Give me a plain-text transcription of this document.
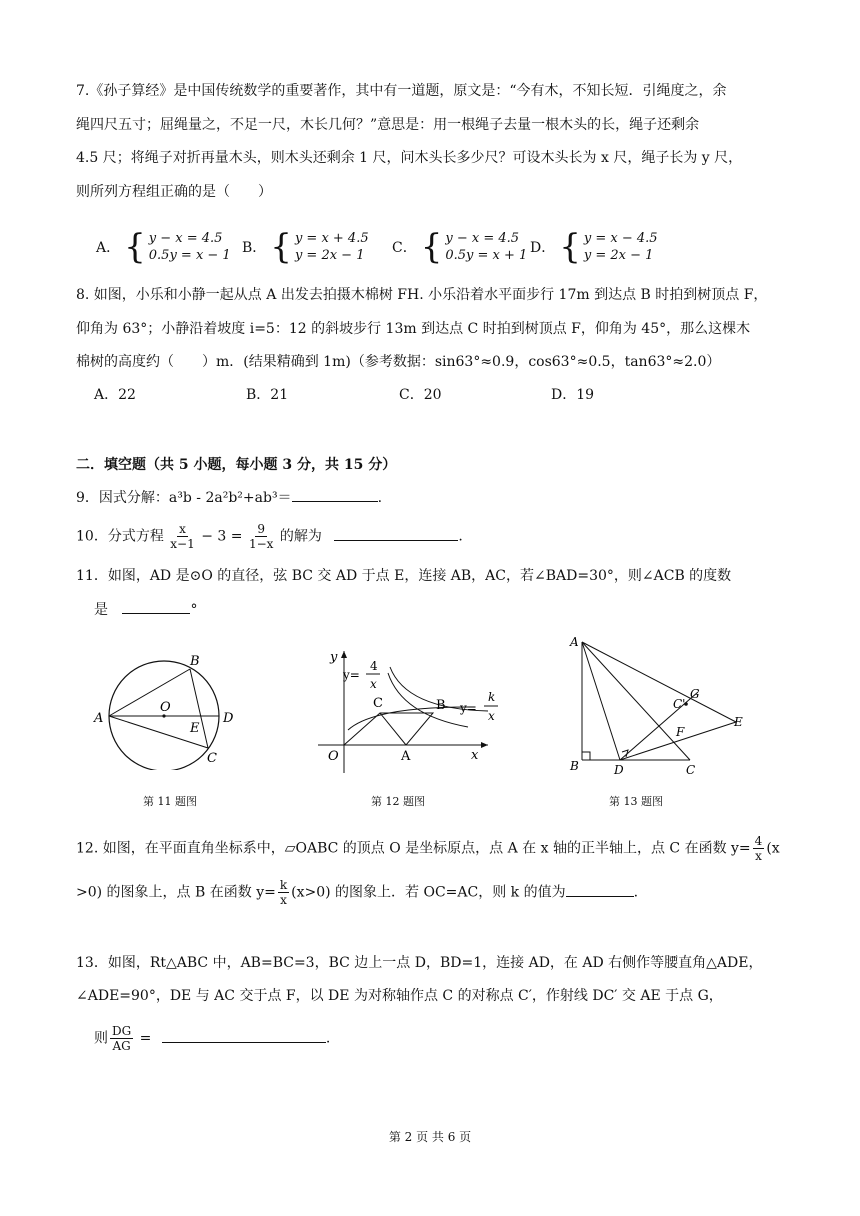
7.《孙子算经》是中国传统数学的重要著作，其中有一道题，原文是：“今有木，不知长短．引绳度之，余
绳四尺五寸；屈绳量之，不足一尺，木长几何？”意思是：用一根绳子去量一根木头的长，绳子还剩余
4.5 尺；将绳子对折再量木头，则木头还剩余 1 尺，问木头长多少尺？可设木头长为 x 尺，绳子长为 y 尺，
则所列方程组正确的是（　　）
A． { y − x = 4.5
0.5y = x − 1 B． { y = x + 4.5
y = 2x − 1 C． { y − x = 4.5
0.5y = x + 1 D． { y = x − 4.5
y = 2x − 1
8. 如图，小乐和小静一起从点 A 出发去拍摄木棉树 FH. 小乐沿着水平面步行 17m 到达点 B 时拍到树顶点 F，
仰角为 63°；小静沿着坡度 i=5：12 的斜坡步行 13m 到达点 C 时拍到树顶点 F，仰角为 45°，那么这棵木
棉树的高度约（　　）m．(结果精确到 1m)（参考数据：sin63°≈0.9，cos63°≈0.5，tan63°≈2.0）
A．22	B．21	C．20	D．19
二．填空题（共 5 小题，每小题 3 分，共 15 分）
9．因式分解：a³b - 2a²b²+ab³＝	.
10．分式方程 $\frac{x}{x-1} - 3 = \frac{9}{1-x}$ 的解为	.
11．如图，AD 是⊙O 的直径，弦 BC 交 AD 于点 E，连接 AB，AC，若∠BAD=30°，则∠ACB 的度数
是	°
A
B
O
E
D
C
第 11 题图
y
x
O	A
B
C
y=
4
x
y=
k
x
第 12 题图
A
B	D	C
G
C'
E
F
第 13 题图
12. 如图，在平面直角坐标系中，▱OABC 的顶点 O 是坐标原点，点 A 在 x 轴的正半轴上，点 C 在函数 $y= \frac{4}{x} (x$
>0) 的图象上，点 B 在函数 $y= \frac{k}{x} (x>0)$ 的图象上．若 OC=AC，则 k 的值为	.
13．如图，Rt△ABC 中，AB=BC=3，BC 边上一点 D，BD=1，连接 AD，在 AD 右侧作等腰直角△ADE，
∠ADE=90°，DE 与 AC 交于点 F，以 DE 为对称轴作点 C 的对称点 C′，作射线 DC′ 交 AE 于点 G，
则 $\frac{DG}{AG}$ =	.
第 2 页 共 6 页
